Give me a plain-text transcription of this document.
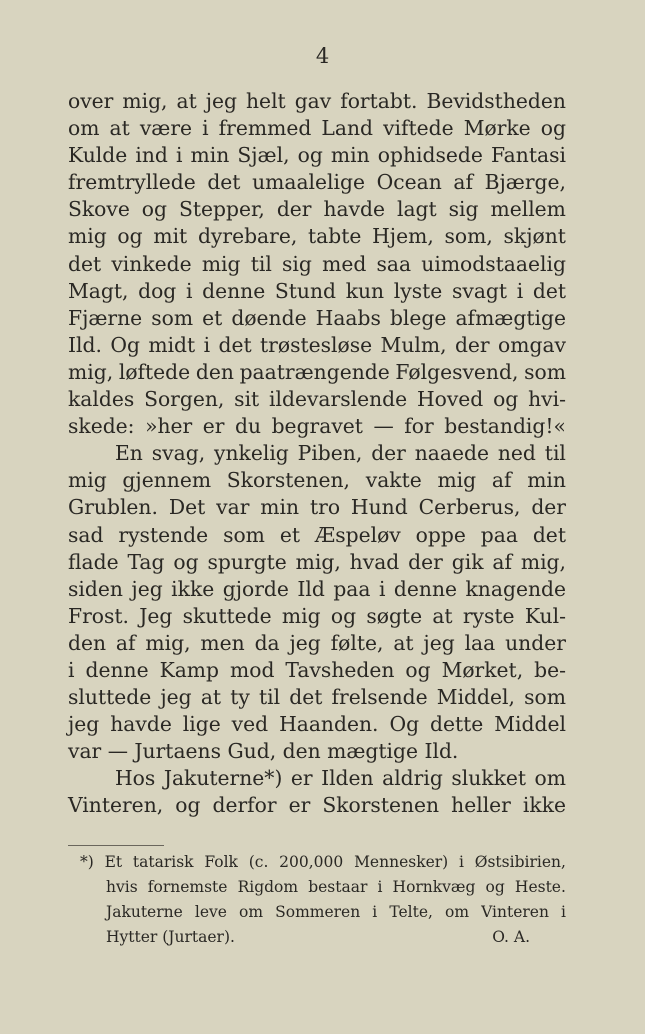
4
over mig, at jeg helt gav fortabt. Bevidstheden
om at være i fremmed Land viftede Mørke og
Kulde ind i min Sjæl, og min ophidsede Fantasi
fremtryllede det umaalelige Ocean af Bjærge,
Skove og Stepper, der havde lagt sig mellem
mig og mit dyrebare, tabte Hjem, som, skjønt
det vinkede mig til sig med saa uimodstaaelig
Magt, dog i denne Stund kun lyste svagt i det
Fjærne som et døende Haabs blege afmægtige
Ild. Og midt i det trøstesløse Mulm, der omgav
mig, løftede den paatrængende Følgesvend, som
kaldes Sorgen, sit ildevarslende Hoved og hvi-
skede: »her er du begravet — for bestandig!«
En svag, ynkelig Piben, der naaede ned til
mig gjennem Skorstenen, vakte mig af min
Grublen. Det var min tro Hund Cerberus, der
sad rystende som et Æspeløv oppe paa det
flade Tag og spurgte mig, hvad der gik af mig,
siden jeg ikke gjorde Ild paa i denne knagende
Frost. Jeg skuttede mig og søgte at ryste Kul-
den af mig, men da jeg følte, at jeg laa under
i denne Kamp mod Tavsheden og Mørket, be-
sluttede jeg at ty til det frelsende Middel, som
jeg havde lige ved Haanden. Og dette Middel
var — Jurtaens Gud, den mægtige Ild.
Hos Jakuterne*) er Ilden aldrig slukket om
Vinteren, og derfor er Skorstenen heller ikke
*) Et tatarisk Folk (c. 200,000 Mennesker) i Østsibirien,
hvis fornemste Rigdom bestaar i Hornkvæg og Heste.
Jakuterne leve om Sommeren i Telte, om Vinteren i
Hytter (Jurtaer).	O. A.
